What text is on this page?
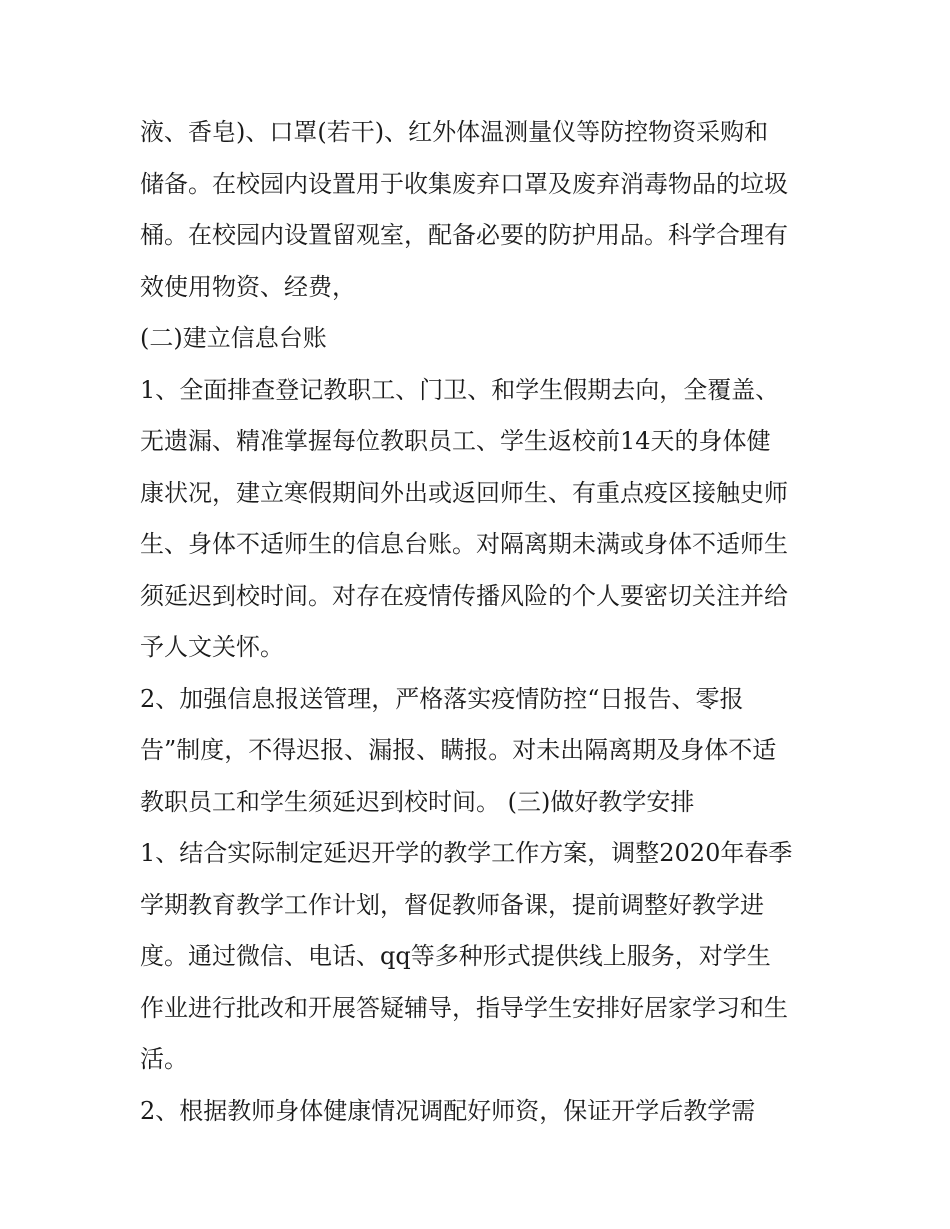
液、香皂)、口罩(若干)、红外体温测量仪等防控物资采购和
储备。在校园内设置用于收集废弃口罩及废弃消毒物品的垃圾
桶。在校园内设置留观室，配备必要的防护用品。科学合理有
效使用物资、经费，
(二)建立信息台账
1、全面排查登记教职工、门卫、和学生假期去向，全覆盖、
无遗漏、精准掌握每位教职员工、学生返校前14天的身体健
康状况，建立寒假期间外出或返回师生、有重点疫区接触史师
生、身体不适师生的信息台账。对隔离期未满或身体不适师生
须延迟到校时间。对存在疫情传播风险的个人要密切关注并给
予人文关怀。
2、加强信息报送管理，严格落实疫情防控“日报告、零报
告”制度，不得迟报、漏报、瞒报。对未出隔离期及身体不适
教职员工和学生须延迟到校时间。 (三)做好教学安排
1、结合实际制定延迟开学的教学工作方案，调整2020年春季
学期教育教学工作计划，督促教师备课，提前调整好教学进
度。通过微信、电话、qq等多种形式提供线上服务，对学生
作业进行批改和开展答疑辅导，指导学生安排好居家学习和生
活。
2、根据教师身体健康情况调配好师资，保证开学后教学需
